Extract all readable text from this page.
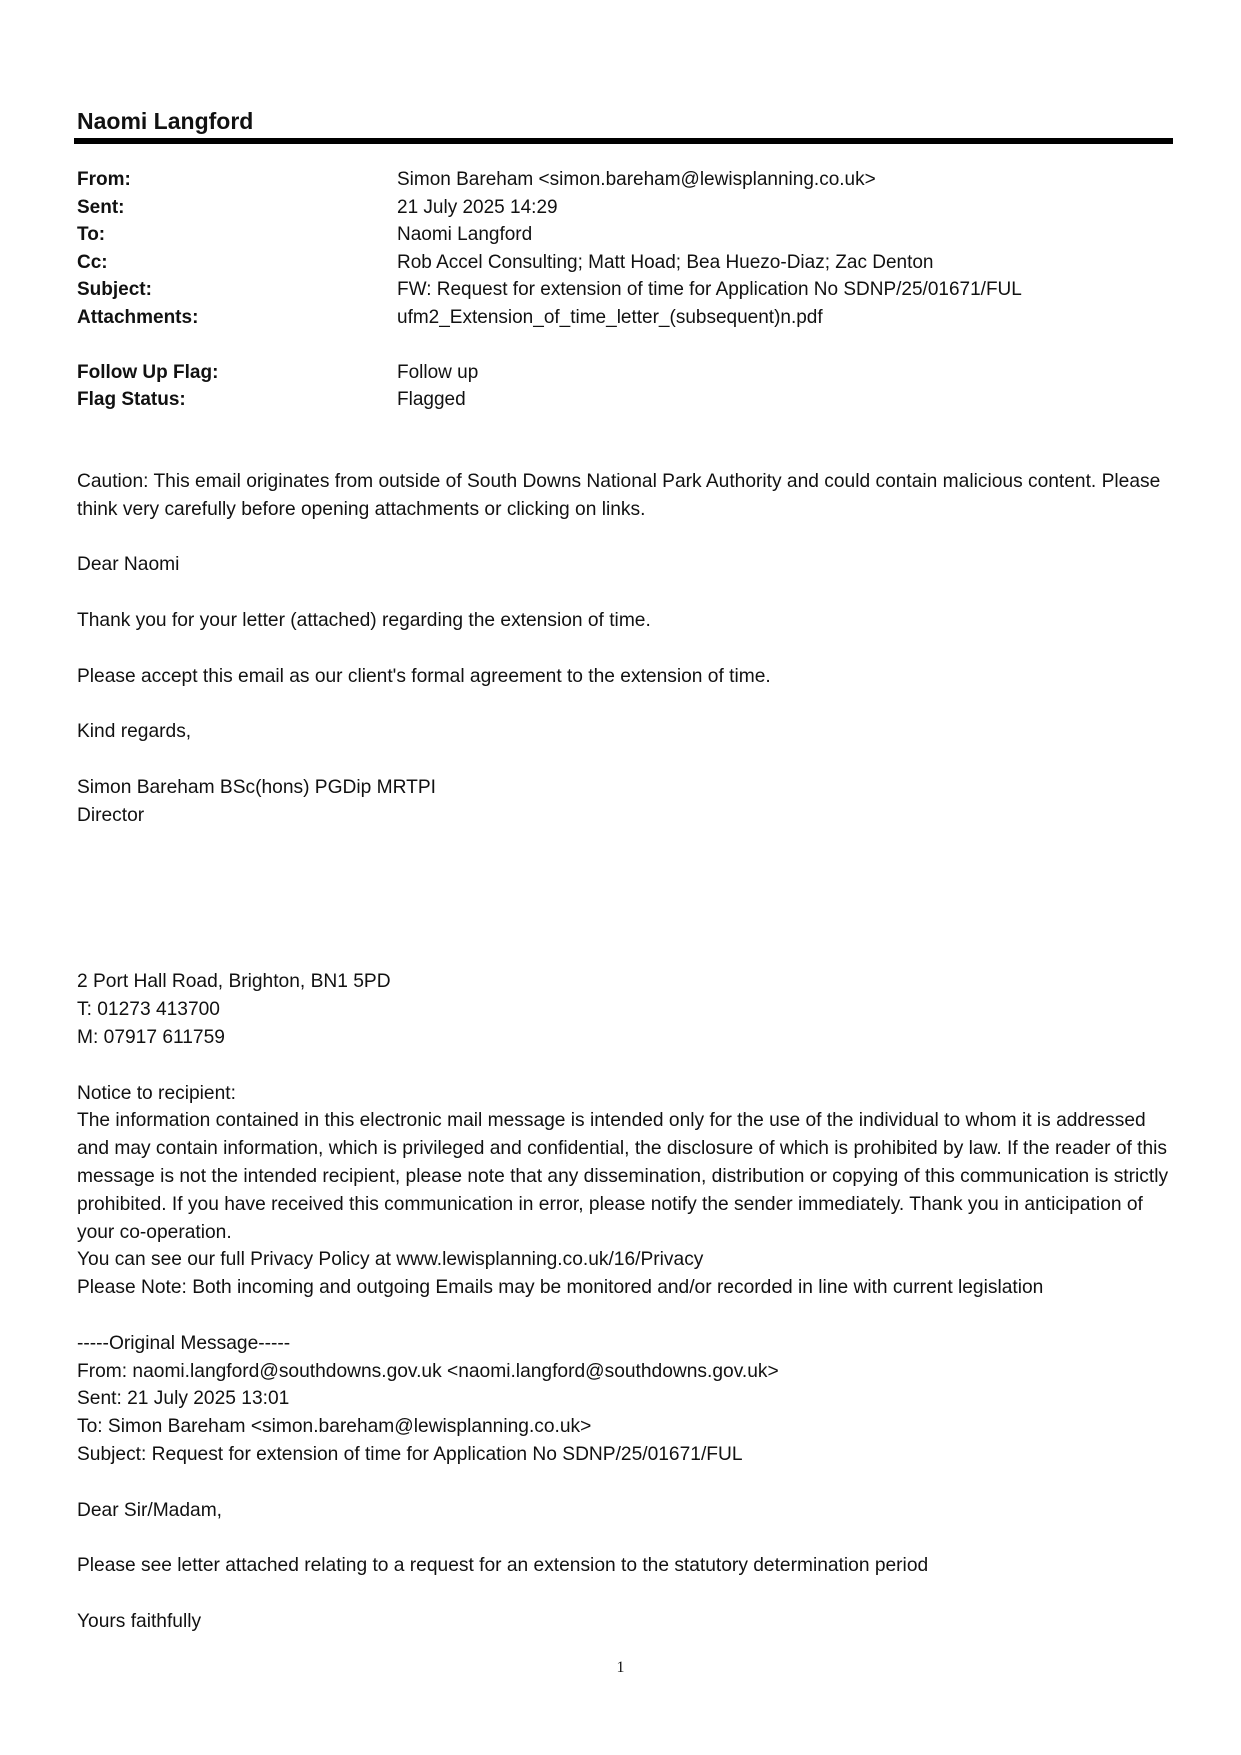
Naomi Langford
From:	Simon Bareham <simon.bareham@lewisplanning.co.uk>
Sent:	21 July 2025 14:29
To:	Naomi Langford
Cc:	Rob Accel Consulting; Matt Hoad; Bea Huezo-Diaz; Zac Denton
Subject:	FW: Request for extension of time for Application No SDNP/25/01671/FUL
Attachments:	ufm2_Extension_of_time_letter_(subsequent)n.pdf
Follow Up Flag:	Follow up
Flag Status:	Flagged

Caution: This email originates from outside of South Downs National Park Authority and could contain malicious content. Please think very carefully before opening attachments or clicking on links.

Dear Naomi

Thank you for your letter (attached) regarding the extension of time.

Please accept this email as our client's formal agreement to the extension of time.

Kind regards,

Simon Bareham BSc(hons) PGDip MRTPI

Director

2 Port Hall Road, Brighton, BN1 5PD

T: 01273 413700

M: 07917 611759

Notice to recipient:

The information contained in this electronic mail message is intended only for the use of the individual to whom it is addressed and may contain information, which is privileged and confidential, the disclosure of which is prohibited by law. If the reader of this message is not the intended recipient, please note that any dissemination, distribution or copying of this communication is strictly prohibited. If you have received this communication in error, please notify the sender immediately. Thank you in anticipation of your co-operation.

You can see our full Privacy Policy at www.lewisplanning.co.uk/16/Privacy

Please Note: Both incoming and outgoing Emails may be monitored and/or recorded in line with current legislation

-----Original Message-----

From: naomi.langford@southdowns.gov.uk <naomi.langford@southdowns.gov.uk>

Sent: 21 July 2025 13:01

To: Simon Bareham <simon.bareham@lewisplanning.co.uk>

Subject: Request for extension of time for Application No SDNP/25/01671/FUL

Dear Sir/Madam,

Please see letter attached relating to a request for an extension to the statutory determination period

Yours faithfully

1
